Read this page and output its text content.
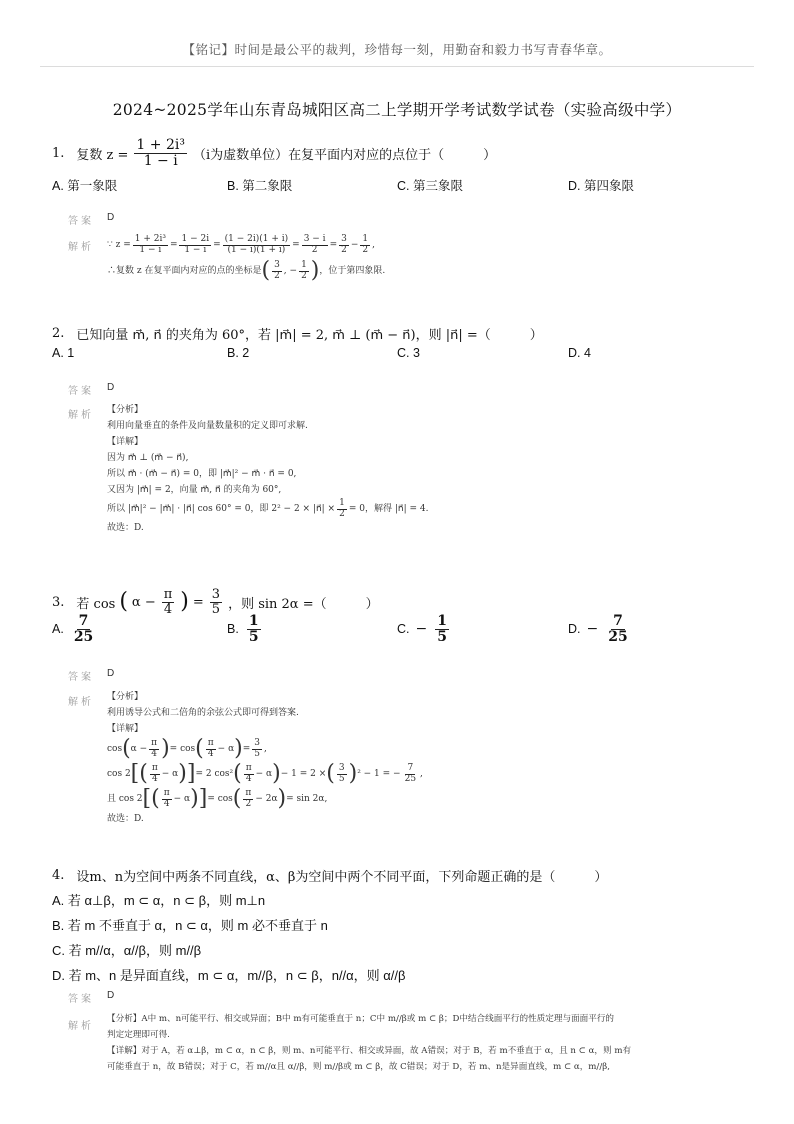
【铭记】时间是最公平的裁判，珍惜每一刻，用勤奋和毅力书写青春华章。
2024~2025学年山东青岛城阳区高二上学期开学考试数学试卷（实验高级中学）
1. 复数 $z = \frac{\text{1 + 2i³}}{1 - i} (i$为虚数单位）在复平面内对应的点位于（　　　）
A. 第一象限	B. 第二象限	C. 第三象限	D. 第四象限
答案 D
解析 ∵ $z = \frac{\text{1 + 2i³}}{1 - i} = \frac{1 - 2i}{1 - i} = \frac{(1 - 2i)(1 + i)}{(1 - i)(1 + i)} = \frac{3 - i}{2} = \frac{3}{2} - \frac{1}{2}$ ,
∴复数 z 在复平面内对应的点的坐标是 ( $\frac{3}{2}$ , − $\frac{1}{2}$ ) ，位于第四象限.
2. 已知向量 m⃗, n⃗ 的夹角为 60°，若 |m⃗| = 2, m⃗ ⊥ (m⃗ − n⃗)，则 |n⃗| =（　　　）
A. 1	B. 2	C. 3	D. 4
答案 D
解析 【分析】
利用向量垂直的条件及向量数量积的定义即可求解.
【详解】
因为 m⃗ ⊥ (m⃗ − n⃗),
所以 m⃗ · (m⃗ − n⃗) = 0，即 |m⃗|² − m⃗ · n⃗ = 0,
又因为 |m⃗| = 2，向量 m⃗, n⃗ 的夹角为 60°,
所以 |m⃗|² − |m⃗| · |n⃗| cos 60° = 0，即 2² − 2 × |n⃗| × $\frac{1}{2} = 0$，解得 |n⃗| = 4.
故选：D.
3. 若 cos ( $\alpha - \frac{\pi}{4}$ ) = $\frac{3}{5}$ ，则 sin 2α =（　　　）
A. $\frac{7}{25}$	B. $\frac{1}{5}$	C. − $\frac{1}{5}$	D. − $\frac{7}{25}$
答案 D
解析 【分析】
利用诱导公式和二倍角的余弦公式即可得到答案.
【详解】
cos ( $\alpha - \frac{\pi}{4}$ ) = cos ( $\frac{\pi}{4} - \alpha$ ) = $\frac{3}{5}$ ,
cos 2 [ ( $\frac{\pi}{4} - \alpha$ ) ] = 2 cos² ( $\frac{\pi}{4} - \alpha$ ) − 1 = 2 × ( $\frac{3}{5}$ ) ² − 1 = − $\frac{7}{25}$ ,
且 cos 2 [ ( $\frac{\pi}{4} - \alpha$ ) ] = cos ( $\frac{\pi}{2} - 2\alpha$ ) = sin 2α,
故选：D.
4. 设m、n为空间中两条不同直线，α、β为空间中两个不同平面，下列命题正确的是（　　　）
A. 若 α⊥β，m ⊂ α，n ⊂ β，则 m⊥n
B. 若 m 不垂直于 α，n ⊂ α，则 m 必不垂直于 n
C. 若 m//α，α//β，则 m//β
D. 若 m、n 是异面直线，m ⊂ α，m//β，n ⊂ β，n//α，则 α//β
答案 D
解析
【分析】A中 m、n可能平行、相交或异面；B中 m有可能垂直于 n；C中 m//β或 m ⊂ β；D中结合线面平行的性质定理与面面平行的
判定定理即可得.
【详解】对于 A，若 α⊥β，m ⊂ α，n ⊂ β，则 m、n可能平行、相交或异面，故 A错误；对于 B，若 m不垂直于 α，且 n ⊂ α，则 m有
可能垂直于 n，故 B错误；对于 C，若 m//α且 α//β，则 m//β或 m ⊂ β，故 C错误；对于 D，若 m、n是异面直线，m ⊂ α，m//β,
